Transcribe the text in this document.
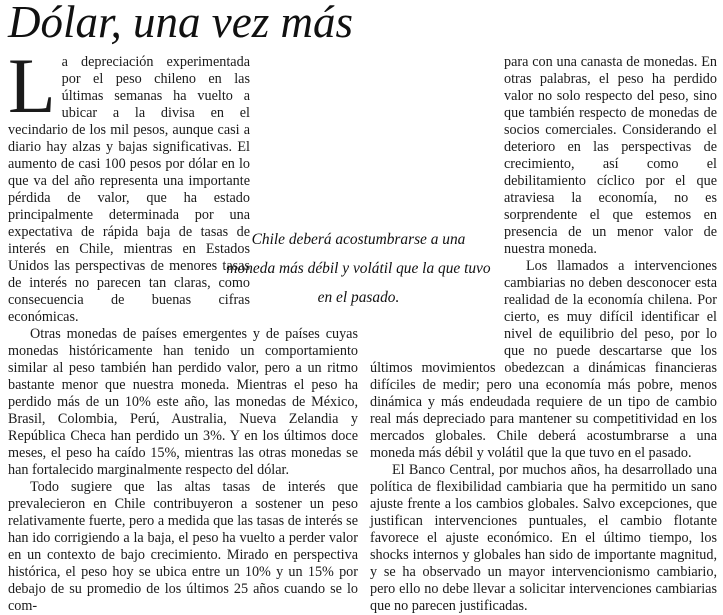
Dólar, una vez más

La depreciación experimentada por el peso chileno en las últimas semanas ha vuelto a ubicar a la divisa en el vecindario de los mil pesos, aunque casi a diario hay alzas y bajas significativas. El aumento de casi 100 pesos por dólar en lo que va del año representa una importante pérdida de valor, que ha estado principalmente determinada por una expectativa de rápida baja de tasas de interés en Chile, mientras en Estados Unidos las perspectivas de menores tasas de interés no parecen tan claras, como consecuencia de buenas cifras económicas.

Otras monedas de países emergentes y de países cuyas monedas históricamente han tenido un comportamiento similar al peso también han perdido valor, pero a un ritmo bastante menor que nuestra moneda. Mientras el peso ha perdido más de un 10% este año, las monedas de México, Brasil, Colombia, Perú, Australia, Nueva Zelandia y República Checa han perdido un 3%. Y en los últimos doce meses, el peso ha caído 15%, mientras las otras monedas se han fortalecido marginalmente respecto del dólar.

Todo sugiere que las altas tasas de interés que prevalecieron en Chile contribuyeron a sostener un peso relativamente fuerte, pero a medida que las tasas de interés se han ido corrigiendo a la baja, el peso ha vuelto a perder valor en un contexto de bajo crecimiento. Mirado en perspectiva histórica, el peso hoy se ubica entre un 10% y un 15% por debajo de su promedio de los últimos 25 años cuando se lo com-

para con una canasta de monedas. En otras palabras, el peso ha perdido valor no solo respecto del peso, sino que también respecto de monedas de socios comerciales. Considerando el deterioro en las perspectivas de crecimiento, así como el debilitamiento cíclico por el que atraviesa la economía, no es sorprendente el que estemos en presencia de un menor valor de nuestra moneda.

Los llamados a intervenciones cambiarias no deben desconocer esta realidad de la economía chilena. Por cierto, es muy difícil identificar el nivel de equilibrio del peso, por lo que no puede descartarse que los últimos movimientos obedezcan a dinámicas financieras difíciles de medir; pero una economía más pobre, menos dinámica y más endeudada requiere de un tipo de cambio real más depreciado para mantener su competitividad en los mercados globales. Chile deberá acostumbrarse a una moneda más débil y volátil que la que tuvo en el pasado.

El Banco Central, por muchos años, ha desarrollado una política de flexibilidad cambiaria que ha permitido un sano ajuste frente a los cambios globales. Salvo excepciones, que justifican intervenciones puntuales, el cambio flotante favorece el ajuste económico. En el último tiempo, los shocks internos y globales han sido de importante magnitud, y se ha observado un mayor intervencionismo cambiario, pero ello no debe llevar a solicitar intervenciones cambiarias que no parecen justificadas.

Chile deberá acostumbrarse a una moneda más débil y volátil que la que tuvo en el pasado.
